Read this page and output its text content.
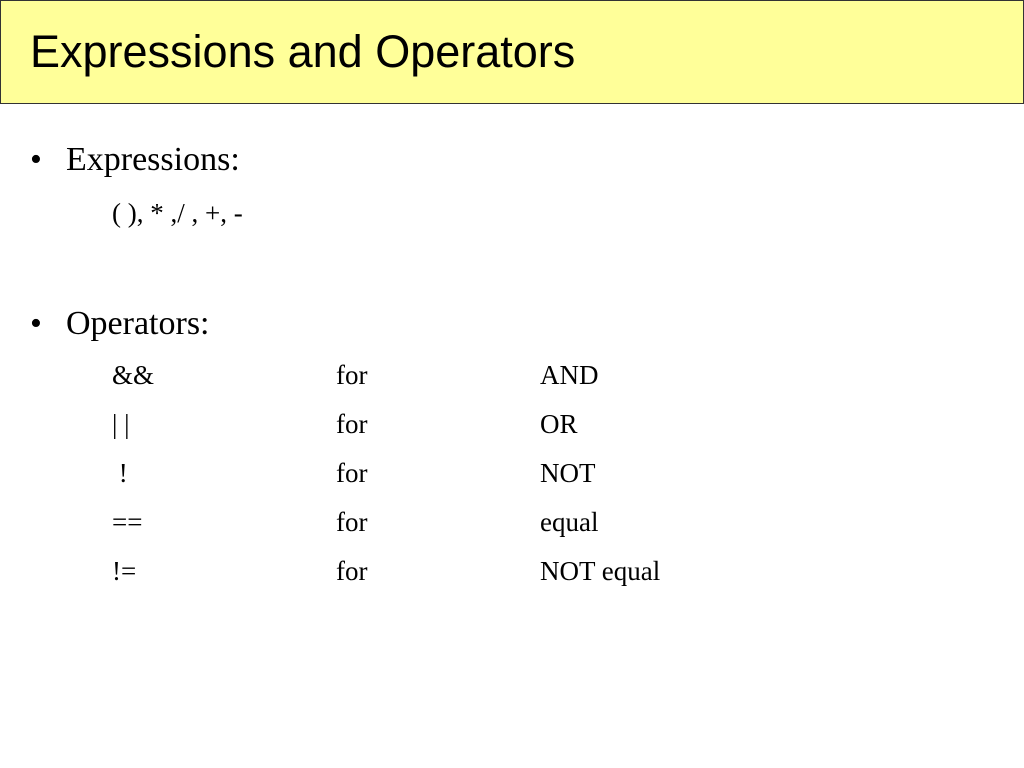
Expressions and Operators
• Expressions:
( ), * ,/ , +, -
• Operators:
&&	for	AND
| |	for	OR
!	for	NOT
==	for	equal
!=	for	NOT equal
